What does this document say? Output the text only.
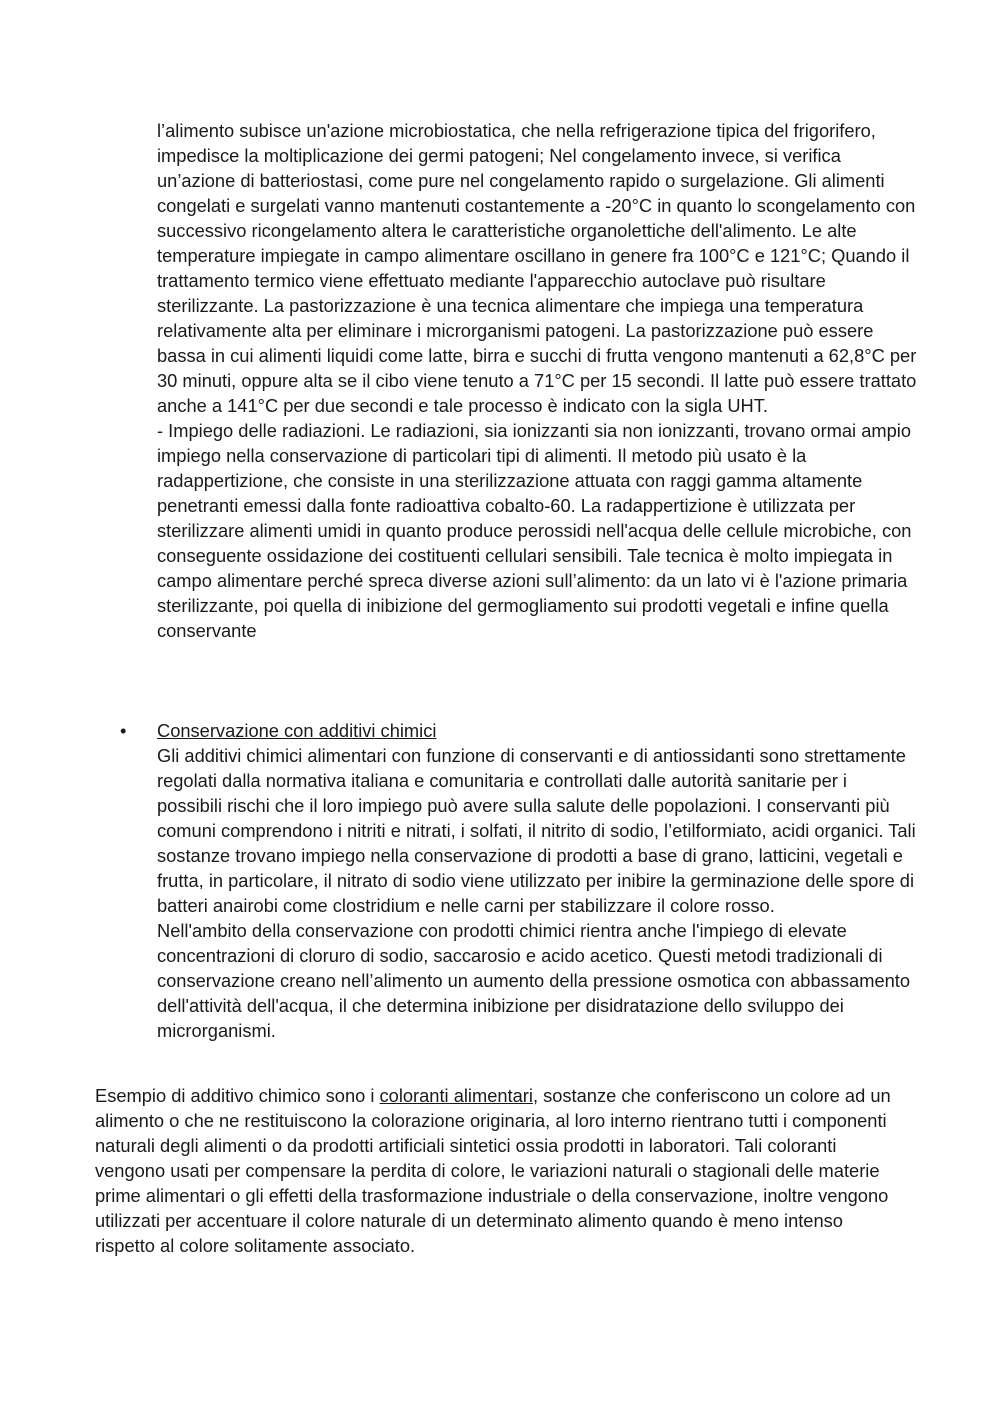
l’alimento subisce un'azione microbiostatica, che nella refrigerazione tipica del frigorifero, impedisce la moltiplicazione dei germi patogeni; Nel congelamento invece, si verifica un’azione di batteriostasi, come pure nel congelamento rapido o surgelazione. Gli alimenti congelati e surgelati vanno mantenuti costantemente a -20°C in quanto lo scongelamento con successivo ricongelamento altera le caratteristiche organolettiche dell'alimento. Le alte temperature impiegate in campo alimentare oscillano in genere fra 100°C e 121°C; Quando il trattamento termico viene effettuato mediante l'apparecchio autoclave può risultare sterilizzante. La pastorizzazione è una tecnica alimentare che impiega una temperatura relativamente alta per eliminare i microrganismi patogeni. La pastorizzazione può essere bassa in cui alimenti liquidi come latte, birra e succhi di frutta vengono mantenuti a 62,8°C per 30 minuti, oppure alta se il cibo viene tenuto a 71°C per 15 secondi. Il latte può essere trattato anche a 141°C per due secondi e tale processo è indicato con la sigla UHT.

- Impiego delle radiazioni. Le radiazioni, sia ionizzanti sia non ionizzanti, trovano ormai ampio impiego nella conservazione di particolari tipi di alimenti. Il metodo più usato è la radappertizione, che consiste in una sterilizzazione attuata con raggi gamma altamente penetranti emessi dalla fonte radioattiva cobalto-60. La radappertizione è utilizzata per sterilizzare alimenti umidi in quanto produce perossidi nell'acqua delle cellule microbiche, con conseguente ossidazione dei costituenti cellulari sensibili. Tale tecnica è molto impiegata in campo alimentare perché spreca diverse azioni sull’alimento: da un lato vi è l'azione primaria sterilizzante, poi quella di inibizione del germogliamento sui prodotti vegetali e infine quella conservante

• Conservazione con additivi chimici

Gli additivi chimici alimentari con funzione di conservanti e di antiossidanti sono strettamente regolati dalla normativa italiana e comunitaria e controllati dalle autorità sanitarie per i possibili rischi che il loro impiego può avere sulla salute delle popolazioni. I conservanti più comuni comprendono i nitriti e nitrati, i solfati, il nitrito di sodio, l’etilformiato, acidi organici. Tali sostanze trovano impiego nella conservazione di prodotti a base di grano, latticini, vegetali e frutta, in particolare, il nitrato di sodio viene utilizzato per inibire la germinazione delle spore di batteri anairobi come clostridium e nelle carni per stabilizzare il colore rosso.

Nell'ambito della conservazione con prodotti chimici rientra anche l'impiego di elevate concentrazioni di cloruro di sodio, saccarosio e acido acetico. Questi metodi tradizionali di conservazione creano nell’alimento un aumento della pressione osmotica con abbassamento dell'attività dell'acqua, il che determina inibizione per disidratazione dello sviluppo dei microrganismi.

Esempio di additivo chimico sono i coloranti alimentari, sostanze che conferiscono un colore ad un alimento o che ne restituiscono la colorazione originaria, al loro interno rientrano tutti i componenti naturali degli alimenti o da prodotti artificiali sintetici ossia prodotti in laboratori. Tali coloranti vengono usati per compensare la perdita di colore, le variazioni naturali o stagionali delle materie prime alimentari o gli effetti della trasformazione industriale o della conservazione, inoltre vengono utilizzati per accentuare il colore naturale di un determinato alimento quando è meno intenso rispetto al colore solitamente associato.
